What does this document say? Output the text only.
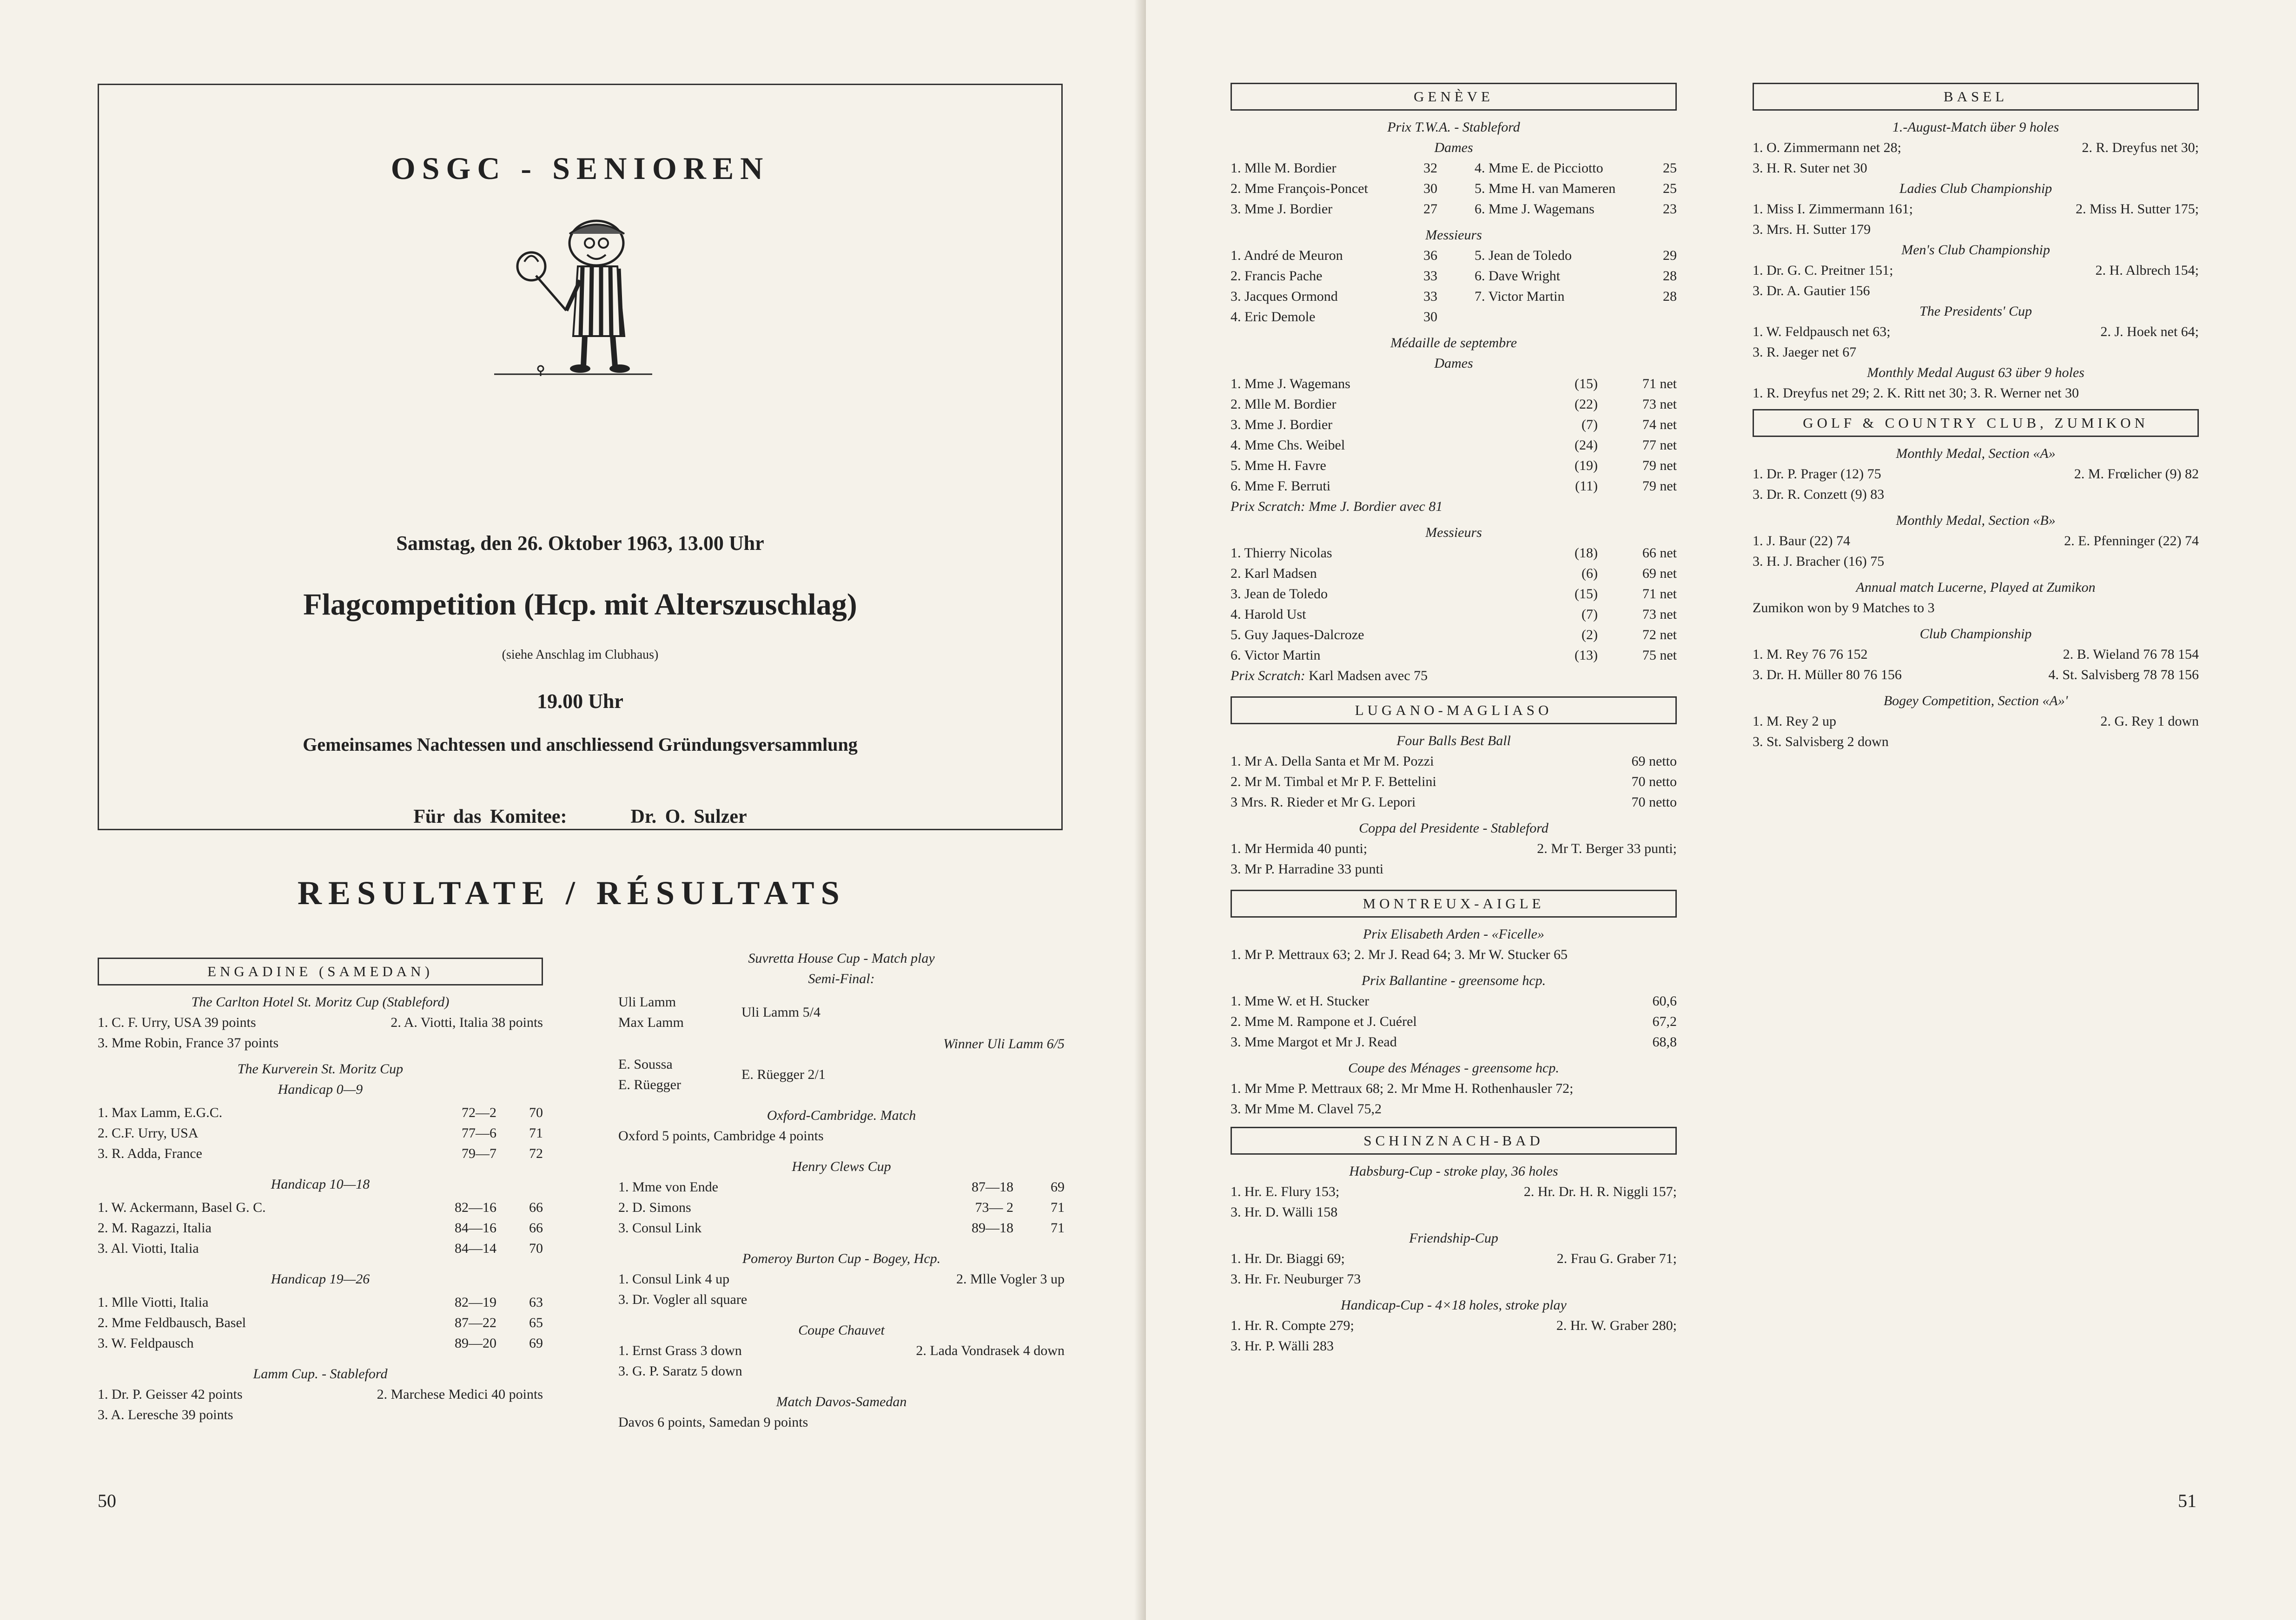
OSGC - SENIOREN
Samstag, den 26. Oktober 1963, 13.00 Uhr
Flagcompetition (Hcp. mit Alterszuschlag)
(siehe Anschlag im Clubhaus)
19.00 Uhr
Gemeinsames Nachtessen und anschliessend Gründungsversammlung
Für das Komitee:	Dr. O. Sulzer
RESULTATE / RÉSULTATS
ENGADINE (SAMEDAN)
The Carlton Hotel St. Moritz Cup (Stableford)
1. C. F. Urry, USA 39 points	2. A. Viotti, Italia 38 points
3. Mme Robin, France 37 points
The Kurverein St. Moritz Cup
Handicap 0—9
1. Max Lamm, E.G.C.	72—2	70
2. C.F. Urry, USA	77—6	71
3. R. Adda, France	79—7	72
Handicap 10—18
1. W. Ackermann, Basel G. C.	82—16	66
2. M. Ragazzi, Italia	84—16	66
3. Al. Viotti, Italia	84—14	70
Handicap 19—26
1. Mlle Viotti, Italia	82—19	63
2. Mme Feldbausch, Basel	87—22	65
3. W. Feldpausch	89—20	69
Lamm Cup. - Stableford
1. Dr. P. Geisser 42 points	2. Marchese Medici 40 points
3. A. Leresche 39 points
Suvretta House Cup - Match play
Semi-Final:
Uli Lamm
Max Lamm
Uli Lamm 5/4
Winner Uli Lamm 6/5
E. Soussa
E. Rüegger
E. Rüegger 2/1
Oxford-Cambridge. Match
Oxford 5 points, Cambridge 4 points
Henry Clews Cup
1. Mme von Ende	87—18	69
2. D. Simons	73— 2	71
3. Consul Link	89—18	71
Pomeroy Burton Cup - Bogey, Hcp.
1. Consul Link 4 up	2. Mlle Vogler 3 up
3. Dr. Vogler all square
Coupe Chauvet
1. Ernst Grass 3 down	2. Lada Vondrasek 4 down
3. G. P. Saratz 5 down
Match Davos-Samedan
Davos 6 points, Samedan 9 points
50
GENÈVE
Prix T.W.A. - Stableford
Dames
1. Mlle M. Bordier	32	4. Mme E. de Picciotto	25
2. Mme François-Poncet	30	5. Mme H. van Mameren	25
3. Mme J. Bordier	27	6. Mme J. Wagemans	23
Messieurs
1. André de Meuron	36	5. Jean de Toledo	29
2. Francis Pache	33	6. Dave Wright	28
3. Jacques Ormond	33	7. Victor Martin	28
4. Eric Demole	30
Médaille de septembre
Dames
1. Mme J. Wagemans	(15)	71 net
2. Mlle M. Bordier	(22)	73 net
3. Mme J. Bordier	(7)	74 net
4. Mme Chs. Weibel	(24)	77 net
5. Mme H. Favre	(19)	79 net
6. Mme F. Berruti	(11)	79 net
Prix Scratch: Mme J. Bordier avec 81
Messieurs
1. Thierry Nicolas	(18)	66 net
2. Karl Madsen	(6)	69 net
3. Jean de Toledo	(15)	71 net
4. Harold Ust	(7)	73 net
5. Guy Jaques-Dalcroze	(2)	72 net
6. Victor Martin	(13)	75 net
Prix Scratch: Karl Madsen avec 75
LUGANO-MAGLIASO
Four Balls Best Ball
1. Mr A. Della Santa et Mr M. Pozzi	69 netto
2. Mr M. Timbal et Mr P. F. Bettelini	70 netto
3 Mrs. R. Rieder et Mr G. Lepori	70 netto
Coppa del Presidente - Stableford
1. Mr Hermida 40 punti;	2. Mr T. Berger 33 punti;
3. Mr P. Harradine 33 punti
MONTREUX-AIGLE
Prix Elisabeth Arden - «Ficelle»
1. Mr P. Mettraux 63; 2. Mr J. Read 64; 3. Mr W. Stucker 65
Prix Ballantine - greensome hcp.
1. Mme W. et H. Stucker	60,6
2. Mme M. Rampone et J. Cuérel	67,2
3. Mme Margot et Mr J. Read	68,8
Coupe des Ménages - greensome hcp.
1. Mr Mme P. Mettraux 68; 2. Mr Mme H. Rothenhausler 72;
3. Mr Mme M. Clavel 75,2
SCHINZNACH-BAD
Habsburg-Cup - stroke play, 36 holes
1. Hr. E. Flury 153;	2. Hr. Dr. H. R. Niggli 157;
3. Hr. D. Wälli 158
Friendship-Cup
1. Hr. Dr. Biaggi 69;	2. Frau G. Graber 71;
3. Hr. Fr. Neuburger 73
Handicap-Cup - 4×18 holes, stroke play
1. Hr. R. Compte 279;	2. Hr. W. Graber 280;
3. Hr. P. Wälli 283
BASEL
1.-August-Match über 9 holes
1. O. Zimmermann net 28;	2. R. Dreyfus net 30;
3. H. R. Suter net 30
Ladies Club Championship
1. Miss I. Zimmermann 161;	2. Miss H. Sutter 175;
3. Mrs. H. Sutter 179
Men's Club Championship
1. Dr. G. C. Preitner 151;	2. H. Albrech 154;
3. Dr. A. Gautier 156
The Presidents' Cup
1. W. Feldpausch net 63;	2. J. Hoek net 64;
3. R. Jaeger net 67
Monthly Medal August 63 über 9 holes
1. R. Dreyfus net 29; 2. K. Ritt net 30; 3. R. Werner net 30
GOLF & COUNTRY CLUB, ZUMIKON
Monthly Medal, Section «A»
1. Dr. P. Prager (12) 75	2. M. Frœlicher (9) 82
3. Dr. R. Conzett (9) 83
Monthly Medal, Section «B»
1. J. Baur (22) 74	2. E. Pfenninger (22) 74
3. H. J. Bracher (16) 75
Annual match Lucerne, Played at Zumikon
Zumikon won by 9 Matches to 3
Club Championship
1. M. Rey 76 76 152	2. B. Wieland 76 78 154
3. Dr. H. Müller 80 76 156	4. St. Salvisberg 78 78 156
Bogey Competition, Section «A»'
1. M. Rey 2 up	2. G. Rey 1 down
3. St. Salvisberg 2 down
51
